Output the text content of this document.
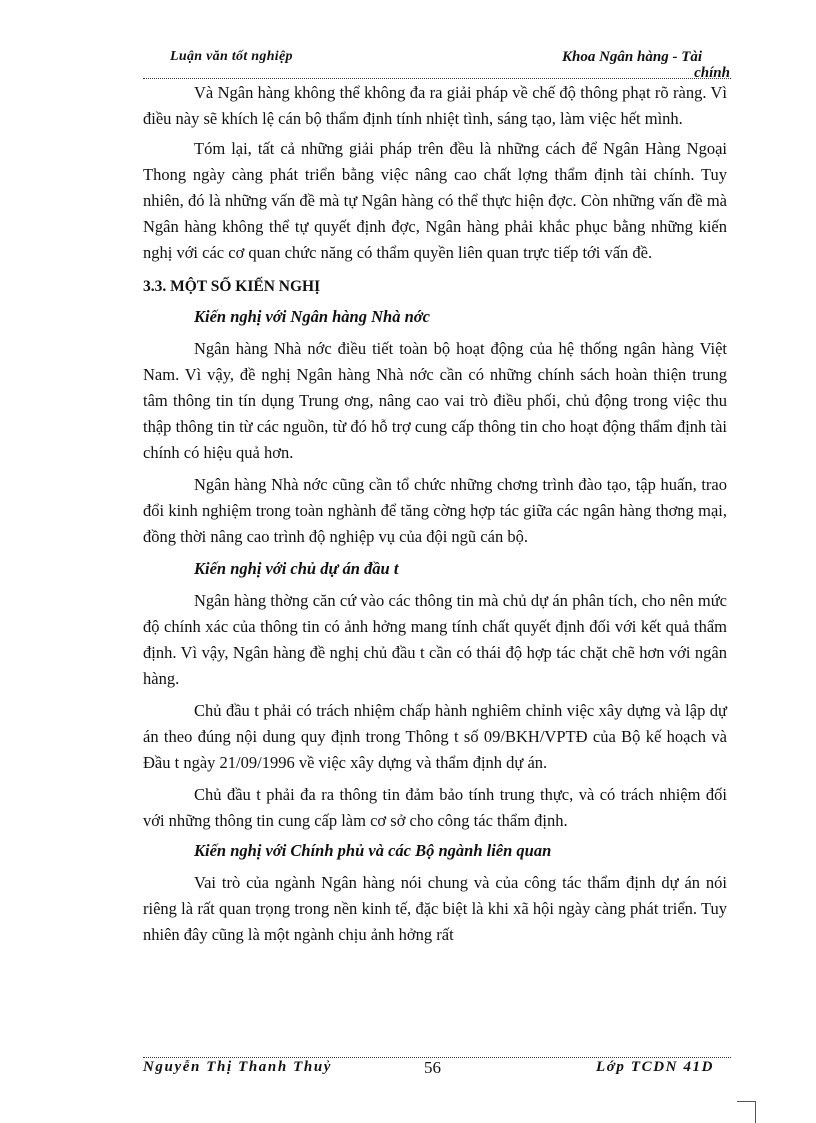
Luận văn tốt nghiệp	Khoa Ngân hàng - Tài
chính

Và Ngân hàng không thể không đa ra giải pháp về chế độ thông phạt rõ ràng. Vì điều này sẽ khích lệ cán bộ thẩm định tính nhiệt tình, sáng tạo, làm việc hết mình.

Tóm lại, tất cả những giải pháp trên đều là những cách để Ngân Hàng Ngoại Thong ngày càng phát triển bằng việc nâng cao chất lợng thẩm định tài chính. Tuy nhiên, đó là những vấn đề mà tự Ngân hàng có thể thực hiện đợc. Còn những vấn đề mà Ngân hàng không thể tự quyết định đợc, Ngân hàng phải khắc phục bằng những kiến nghị với các cơ quan chức năng có thẩm quyền liên quan trực tiếp tới vấn đề.

3.3. MỘT SỐ KIẾN NGHỊ
Kiến nghị với Ngân hàng Nhà nớc

Ngân hàng Nhà nớc điều tiết toàn bộ hoạt động của hệ thống ngân hàng Việt Nam. Vì vậy, đề nghị Ngân hàng Nhà nớc cần có những chính sách hoàn thiện trung tâm thông tin tín dụng Trung ơng, nâng cao vai trò điều phối, chủ động trong việc thu thập thông tin từ các nguồn, từ đó hỗ trợ cung cấp thông tin cho hoạt động thẩm định tài chính có hiệu quả hơn.

Ngân hàng Nhà nớc cũng cần tổ chức những chơng trình đào tạo, tập huấn, trao đổi kinh nghiệm trong toàn nghành để tăng cờng hợp tác giữa các ngân hàng thơng mại, đồng thời nâng cao trình độ nghiệp vụ của đội ngũ cán bộ.

Kiến nghị với chủ dự án đầu t

Ngân hàng thờng căn cứ vào các thông tin mà chủ dự án phân tích, cho nên mức độ chính xác của thông tin có ảnh hởng mang tính chất quyết định đối với kết quả thẩm định. Vì vậy, Ngân hàng đề nghị chủ đầu t cần có thái độ hợp tác chặt chẽ hơn với ngân hàng.

Chủ đầu t phải có trách nhiệm chấp hành nghiêm chỉnh việc xây dựng và lập dự án theo đúng nội dung quy định trong Thông t số 09/BKH/VPTĐ của Bộ kế hoạch và Đầu t ngày 21/09/1996 về việc xây dựng và thẩm định dự án.

Chủ đầu t phải đa ra thông tin đảm bảo tính trung thực, và có trách nhiệm đối với những thông tin cung cấp làm cơ sở cho công tác thẩm định.

Kiến nghị với Chính phủ và các Bộ ngành liên quan

Vai trò của ngành Ngân hàng nói chung và của công tác thẩm định dự án nói riêng là rất quan trọng trong nền kinh tế, đặc biệt là khi xã hội ngày càng phát triển. Tuy nhiên đây cũng là một ngành chịu ảnh hởng rất

Nguyễn Thị Thanh Thuỷ	56	Lớp TCDN 41D
